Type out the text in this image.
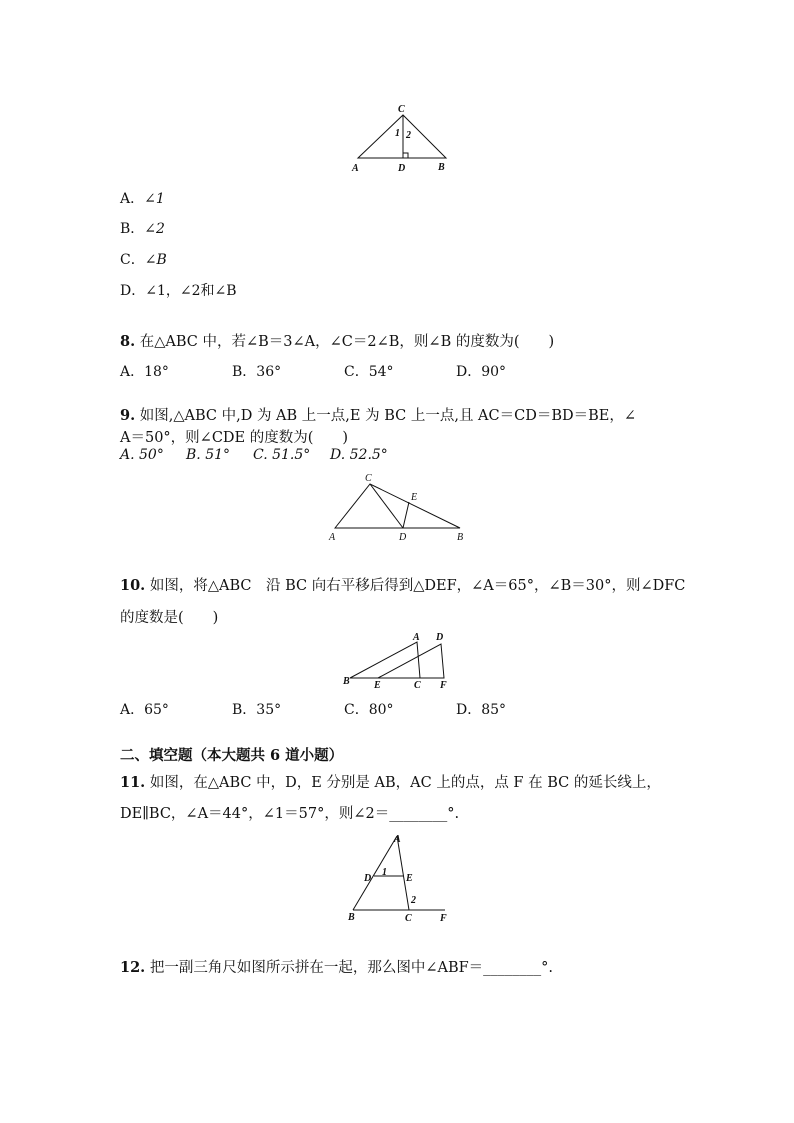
C
1 2
A	D	B
A．∠1
B．∠2
C．∠B
D．∠1，∠2和∠B
8. 在△ABC 中，若∠B＝3∠A，∠C＝2∠B，则∠B 的度数为(　　)
A．18°	B．36°	C．54°	D．90°
9. 如图,△ABC 中,D 为 AB 上一点,E 为 BC 上一点,且 AC＝CD＝BD＝BE，∠
A＝50°，则∠CDE 的度数为(　　)
A. 50° B. 51° C. 51.5° D. 52.5°
C
E
A	D	B
10. 如图，将△ABC　沿 BC 向右平移后得到△DEF，∠A＝65°，∠B＝30°，则∠DFC
的度数是(　　)
A D
B E	C F
A．65°	B．35°	C．80°	D．85°
二、填空题（本大题共 6 道小题）
11. 如图，在△ABC 中，D，E 分别是 AB，AC 上的点，点 F 在 BC 的延长线上，
DE∥BC，∠A＝44°，∠1＝57°，则∠2＝________°.
A
D
1
E
2
B	C	F
12. 把一副三角尺如图所示拼在一起，那么图中∠ABF＝________°.
